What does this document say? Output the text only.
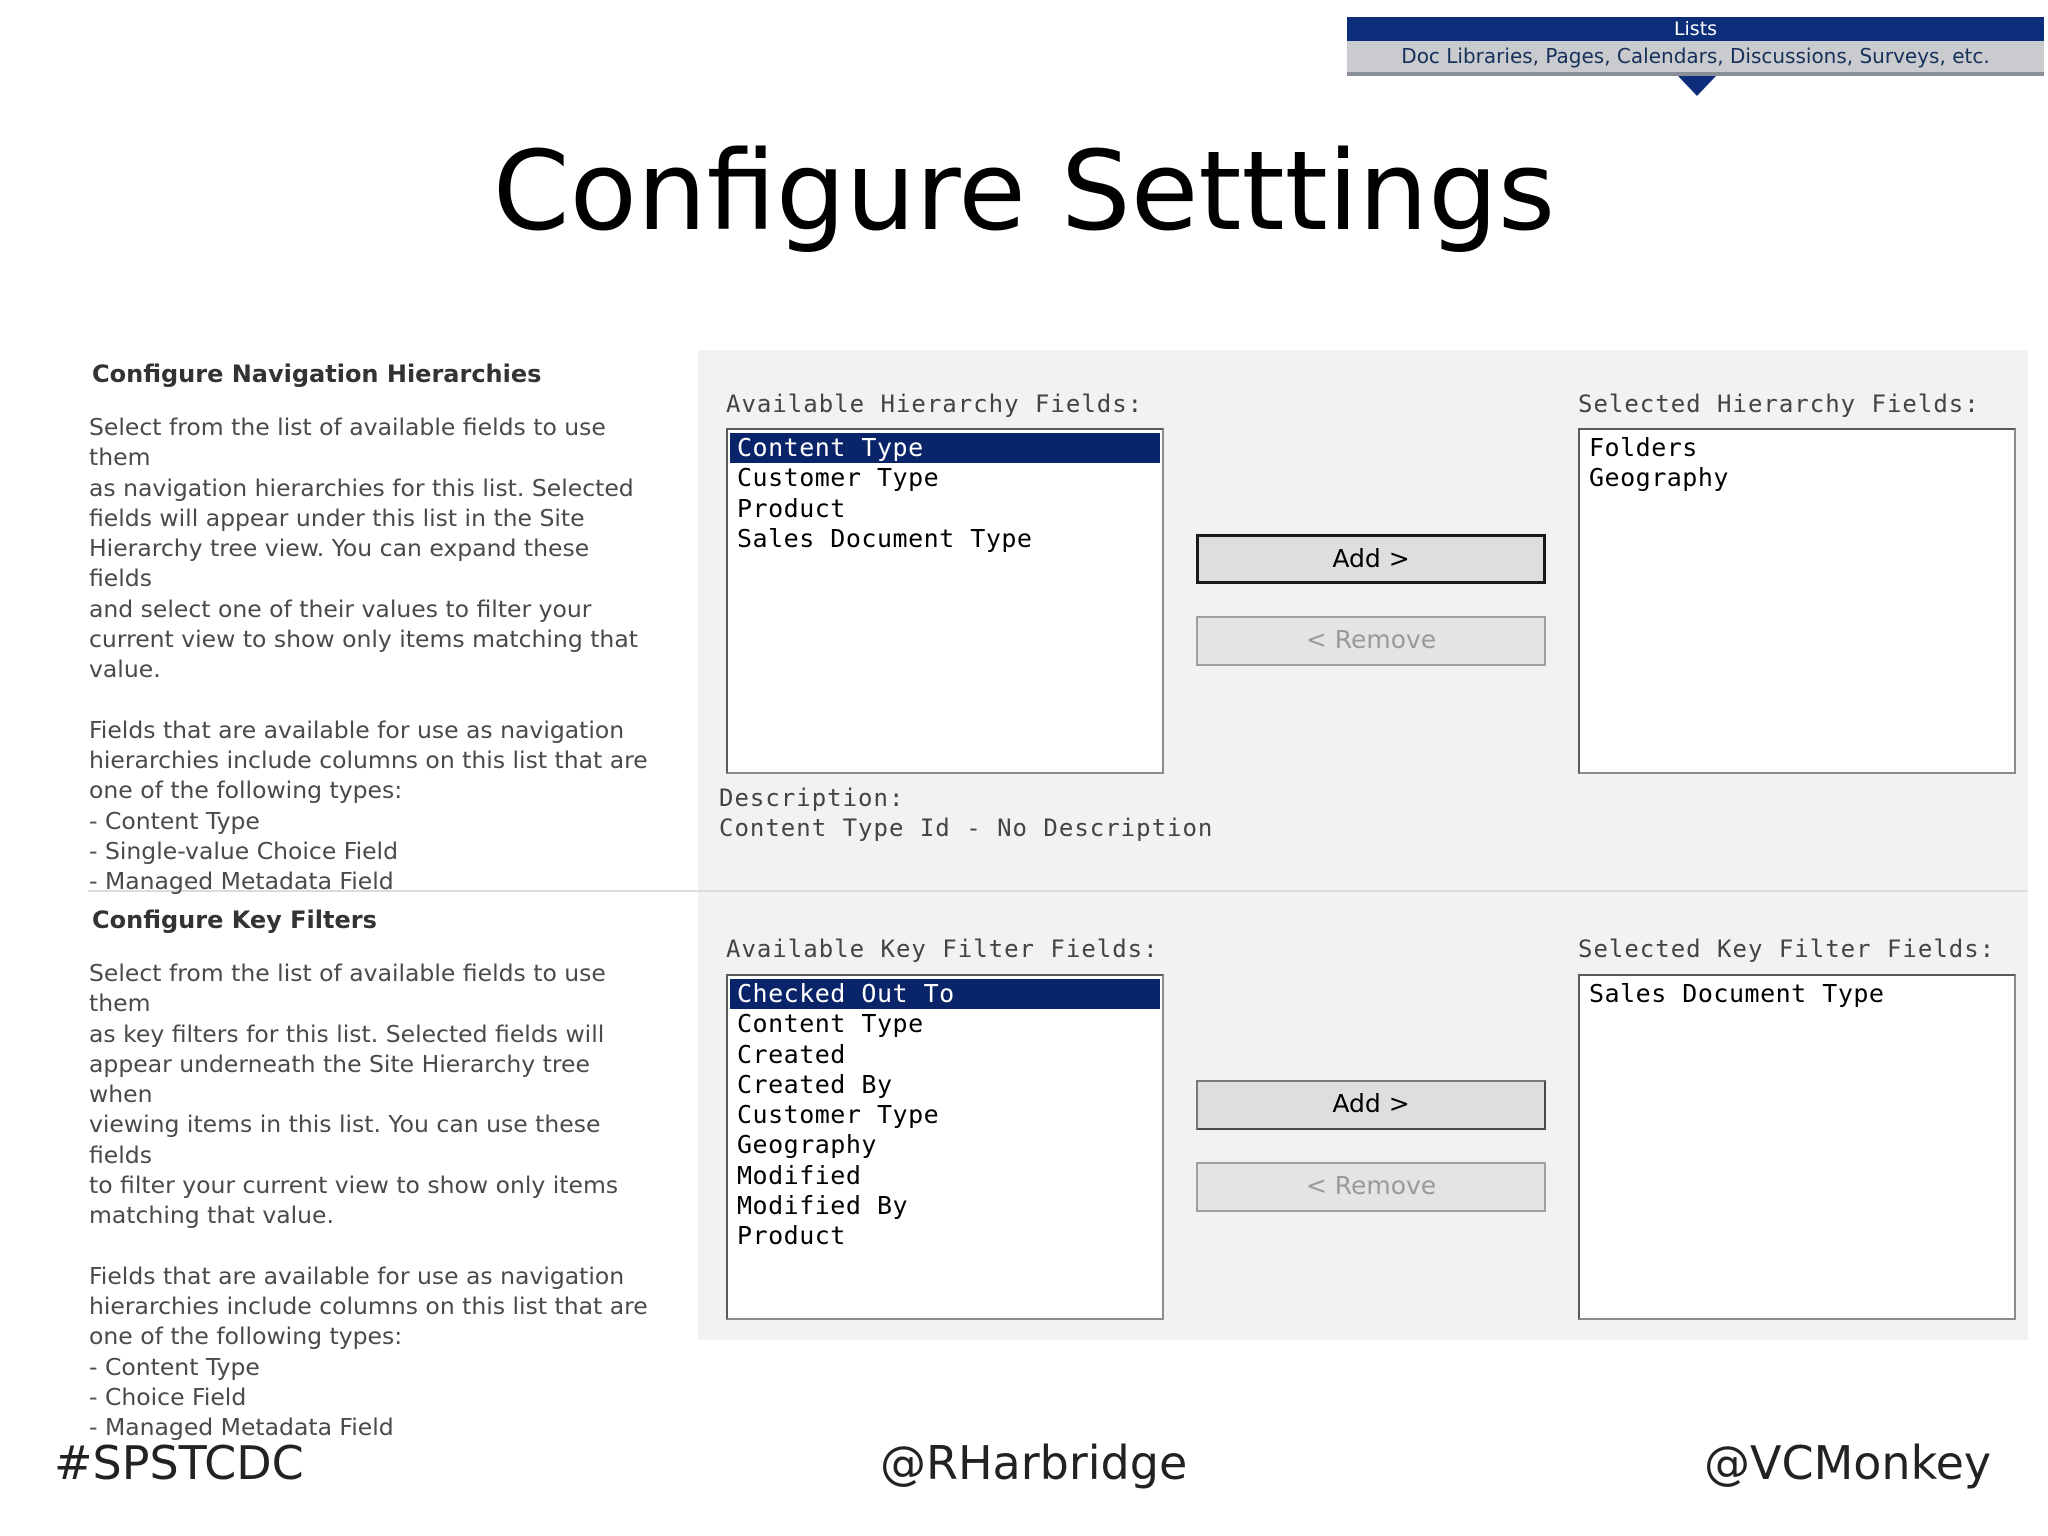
Lists
Doc Libraries, Pages, Calendars, Discussions, Surveys, etc.
Configure Setttings
Configure Navigation Hierarchies

Select from the list of available fields to use them

as navigation hierarchies for this list. Selected

fields will appear under this list in the Site

Hierarchy tree view. You can expand these fields

and select one of their values to filter your

current view to show only items matching that

value.

Fields that are available for use as navigation

hierarchies include columns on this list that are

one of the following types:

- Content Type

- Single-value Choice Field

- Managed Metadata Field

Available Hierarchy Fields:
Content Type
Customer Type
Product
Sales Document Type
Add >
< Remove
Selected Hierarchy Fields:
Folders
Geography
Description:
Content Type Id - No Description
Configure Key Filters

Select from the list of available fields to use them

as key filters for this list. Selected fields will

appear underneath the Site Hierarchy tree when

viewing items in this list. You can use these fields

to filter your current view to show only items

matching that value.

Fields that are available for use as navigation

hierarchies include columns on this list that are

one of the following types:

- Content Type

- Choice Field

- Managed Metadata Field

Available Key Filter Fields:
Checked Out To
Content Type
Created
Created By
Customer Type
Geography
Modified
Modified By
Product
Add >
< Remove
Selected Key Filter Fields:
Sales Document Type
#SPSTCDC	@RHarbridge	@VCMonkey
